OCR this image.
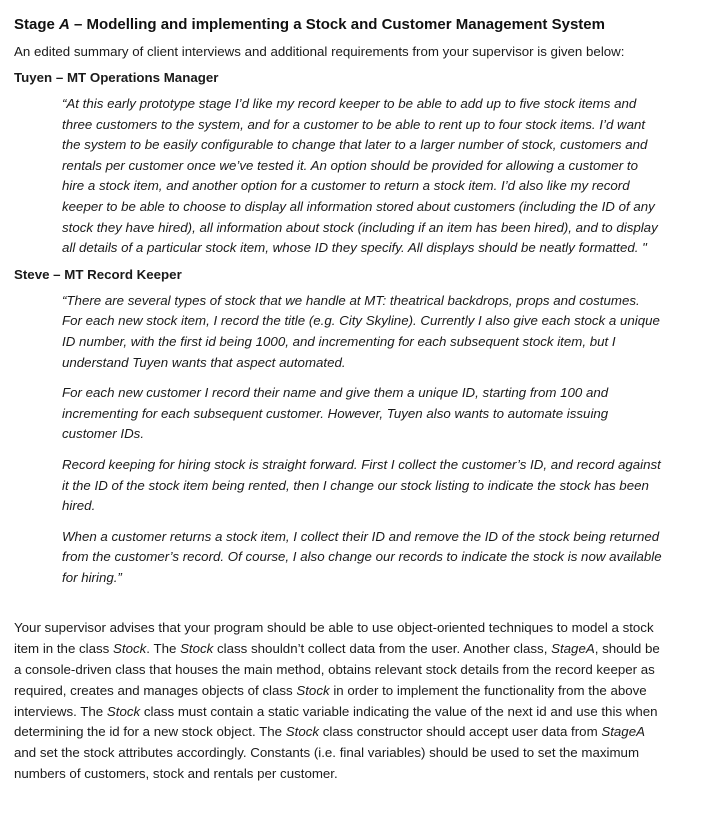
Stage A – Modelling and implementing a Stock and Customer Management System

An edited summary of client interviews and additional requirements from your supervisor is given below:

Tuyen – MT Operations Manager
“At this early prototype stage I’d like my record keeper to be able to add up to five stock items and three customers to the system, and for a customer to be able to rent up to four stock items. I’d want the system to be easily configurable to change that later to a larger number of stock, customers and rentals per customer once we’ve tested it. An option should be provided for allowing a customer to hire a stock item, and another option for a customer to return a stock item. I’d also like my record keeper to be able to choose to display all information stored about customers (including the ID of any stock they have hired), all information about stock (including if an item has been hired), and to display all details of a particular stock item, whose ID they specify. All displays should be neatly formatted. "
Steve – MT Record Keeper
“There are several types of stock that we handle at MT: theatrical backdrops, props and costumes. For each new stock item, I record the title (e.g. City Skyline). Currently I also give each stock a unique ID number, with the first id being 1000, and incrementing for each subsequent stock item, but I understand Tuyen wants that aspect automated.
For each new customer I record their name and give them a unique ID, starting from 100 and incrementing for each subsequent customer. However, Tuyen also wants to automate issuing customer IDs.
Record keeping for hiring stock is straight forward. First I collect the customer’s ID, and record against it the ID of the stock item being rented, then I change our stock listing to indicate the stock has been hired.
When a customer returns a stock item, I collect their ID and remove the ID of the stock being returned from the customer’s record. Of course, I also change our records to indicate the stock is now available for hiring.”

Your supervisor advises that your program should be able to use object-oriented techniques to model a stock item in the class Stock. The Stock class shouldn’t collect data from the user. Another class, StageA, should be a console-driven class that houses the main method, obtains relevant stock details from the record keeper as required, creates and manages objects of class Stock in order to implement the functionality from the above interviews. The Stock class must contain a static variable indicating the value of the next id and use this when determining the id for a new stock object. The Stock class constructor should accept user data from StageA and set the stock attributes accordingly. Constants (i.e. final variables) should be used to set the maximum numbers of customers, stock and rentals per customer.
